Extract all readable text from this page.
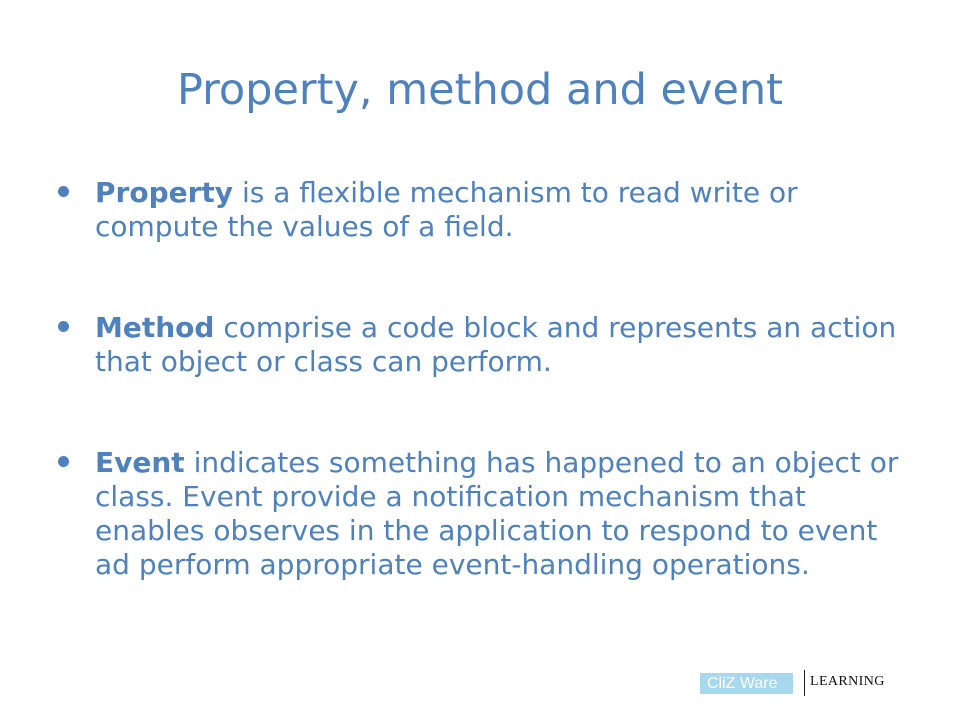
Property, method and event
Property is a flexible mechanism to read write or compute the values of a field.
Method comprise a code block and represents an action that object or class can perform.
Event indicates something has happened to an object or class. Event provide a notification mechanism that enables observes in the application to respond to event ad perform appropriate event-handling operations.
CliZ Ware	LEARNING
